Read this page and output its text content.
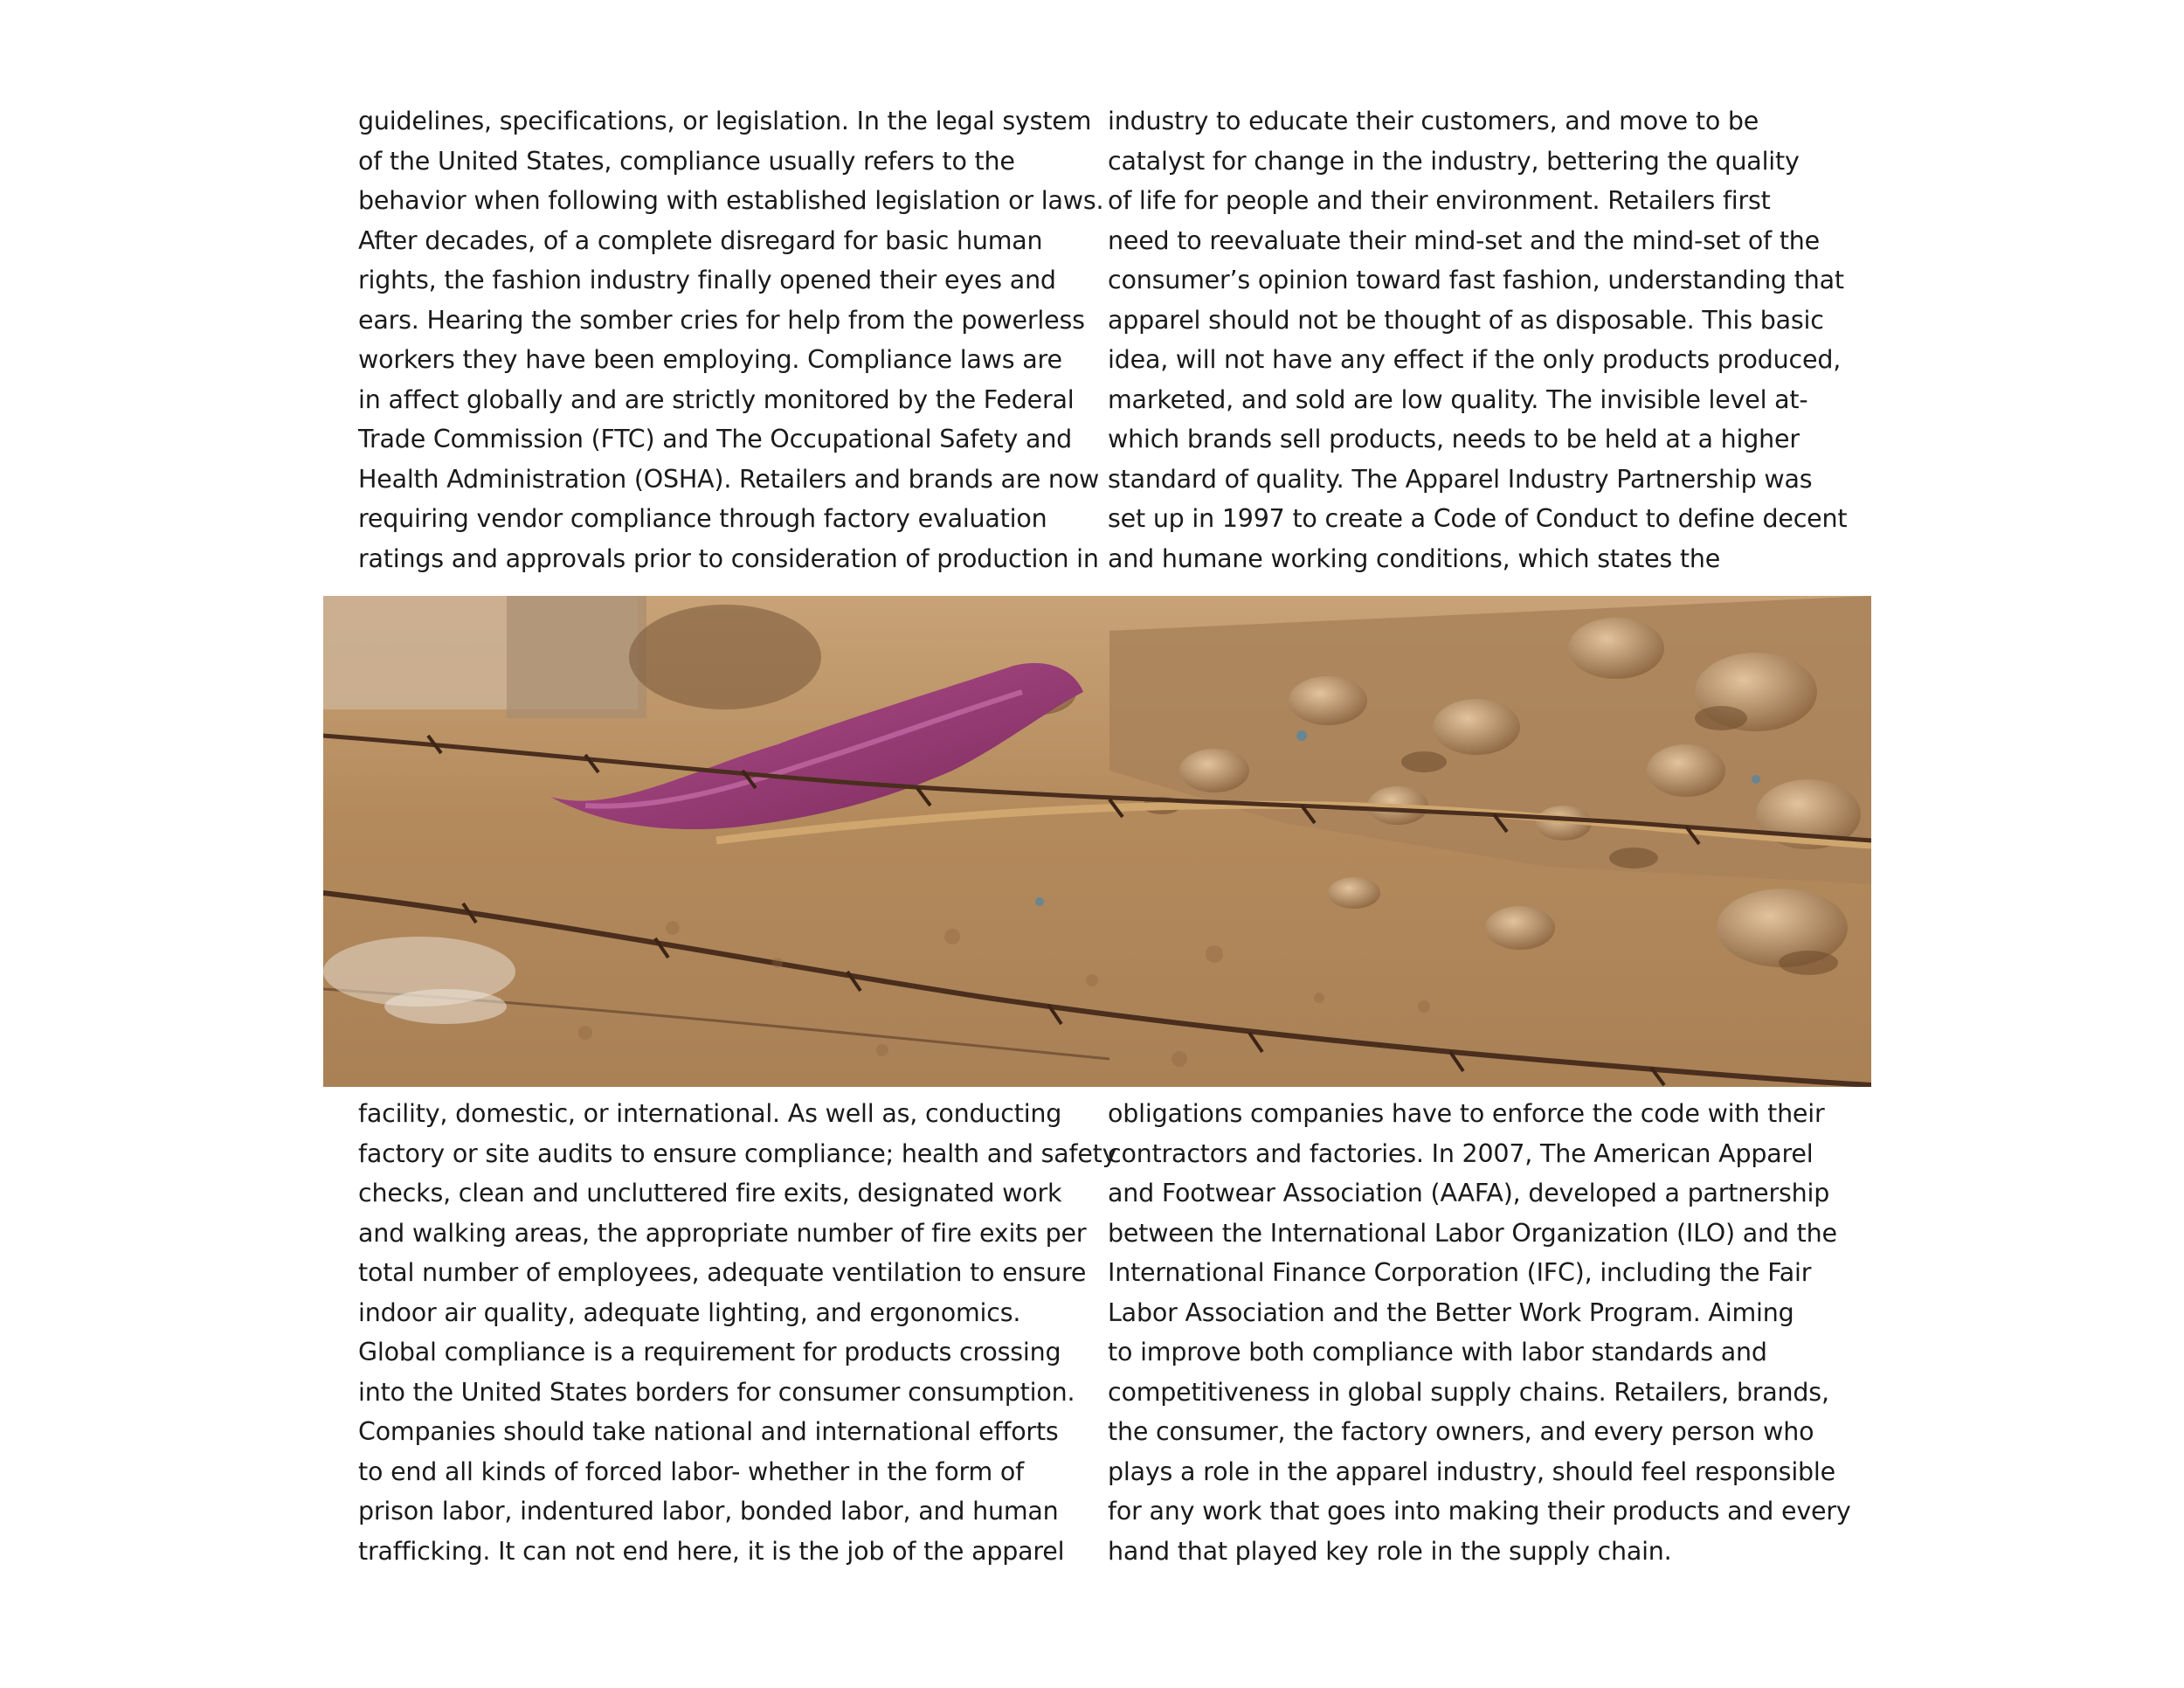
guidelines, specifications, or legislation. In the legal system
of the United States, compliance usually refers to the
behavior when following with established legislation or laws.
After decades, of a complete disregard for basic human
rights, the fashion industry finally opened their eyes and
ears. Hearing the somber cries for help from the powerless
workers they have been employing. Compliance laws are
in affect globally and are strictly monitored by the Federal
Trade Commission (FTC) and The Occupational Safety and
Health Administration (OSHA). Retailers and brands are now
requiring vendor compliance through factory evaluation
ratings and approvals prior to consideration of production in
industry to educate their customers, and move to be
catalyst for change in the industry, bettering the quality
of life for people and their environment. Retailers first
need to reevaluate their mind-set and the mind-set of the
consumer’s opinion toward fast fashion, understanding that
apparel should not be thought of as disposable. This basic
idea, will not have any effect if the only products produced,
marketed, and sold are low quality. The invisible level at-
which brands sell products, needs to be held at a higher
standard of quality. The Apparel Industry Partnership was
set up in 1997 to create a Code of Conduct to define decent
and humane working conditions, which states the
facility, domestic, or international. As well as, conducting
factory or site audits to ensure compliance; health and safety
checks, clean and uncluttered fire exits, designated work
and walking areas, the appropriate number of fire exits per
total number of employees, adequate ventilation to ensure
indoor air quality, adequate lighting, and ergonomics.
Global compliance is a requirement for products crossing
into the United States borders for consumer consumption.
Companies should take national and international efforts
to end all kinds of forced labor- whether in the form of
prison labor, indentured labor, bonded labor, and human
trafficking. It can not end here, it is the job of the apparel
obligations companies have to enforce the code with their
contractors and factories. In 2007, The American Apparel
and Footwear Association (AAFA), developed a partnership
between the International Labor Organization (ILO) and the
International Finance Corporation (IFC), including the Fair
Labor Association and the Better Work Program. Aiming
to improve both compliance with labor standards and
competitiveness in global supply chains. Retailers, brands,
the consumer, the factory owners, and every person who
plays a role in the apparel industry, should feel responsible
for any work that goes into making their products and every
hand that played key role in the supply chain.
